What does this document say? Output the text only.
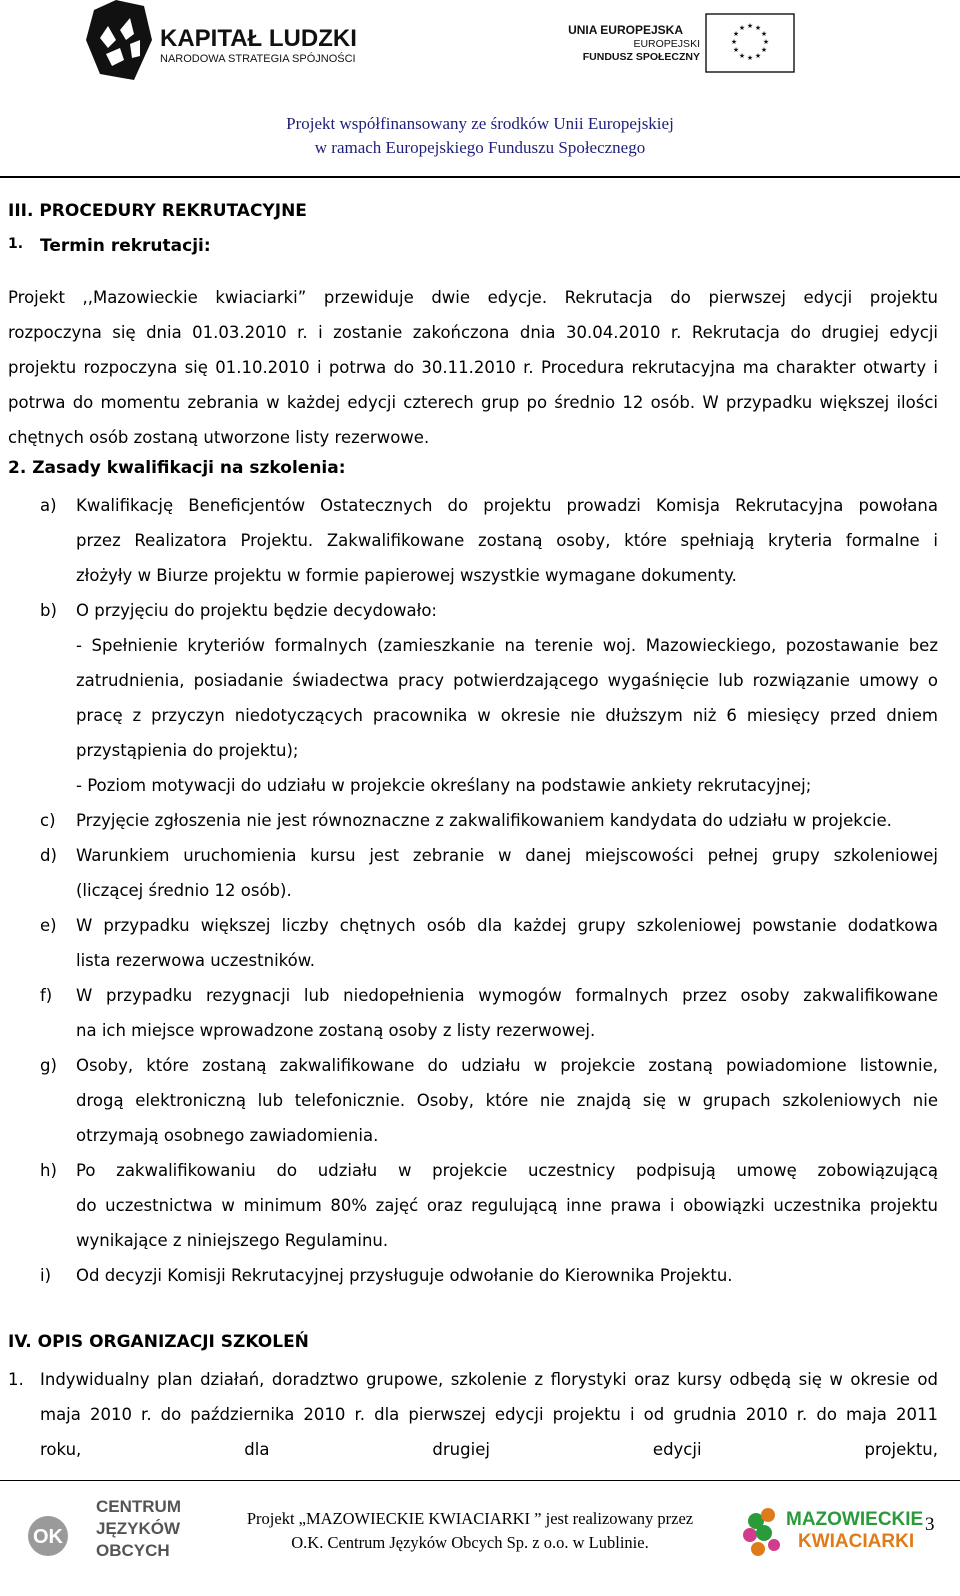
KAPITAŁ LUDZKI
NARODOWA STRATEGIA SPÓJNOŚCI
UNIA EUROPEJSKA
EUROPEJSKI
FUNDUSZ SPOŁECZNY
★ ★
★
★
★
★
★
★
★
★
★
★
Projekt współfinansowany ze środków Unii Europejskiej
w ramach Europejskiego Funduszu Społecznego
III. PROCEDURY REKRUTACYJNE
1. Termin rekrutacji:
Projekt ,,Mazowieckie kwiaciarki” przewiduje dwie edycje. Rekrutacja do pierwszej edycji projektu
rozpoczyna się dnia 01.03.2010 r. i zostanie zakończona dnia 30.04.2010 r. Rekrutacja do drugiej edycji
projektu rozpoczyna się 01.10.2010 i potrwa do 30.11.2010 r. Procedura rekrutacyjna ma charakter otwarty i
potrwa do momentu zebrania w każdej edycji czterech grup po średnio 12 osób. W przypadku większej ilości
chętnych osób zostaną utworzone listy rezerwowe.
2. Zasady kwalifikacji na szkolenia:
a)	Kwalifikację Beneficjentów Ostatecznych do projektu prowadzi Komisja Rekrutacyjna powołana
przez Realizatora Projektu. Zakwalifikowane zostaną osoby, które spełniają kryteria formalne i
złożyły w Biurze projektu w formie papierowej wszystkie wymagane dokumenty.
b)	O przyjęciu do projektu będzie decydowało:
- Spełnienie kryteriów formalnych (zamieszkanie na terenie woj. Mazowieckiego, pozostawanie bez
zatrudnienia, posiadanie świadectwa pracy potwierdzającego wygaśnięcie lub rozwiązanie umowy o
pracę z przyczyn niedotyczących pracownika w okresie nie dłuższym niż 6 miesięcy przed dniem
przystąpienia do projektu);
- Poziom motywacji do udziału w projekcie określany na podstawie ankiety rekrutacyjnej;
c)	Przyjęcie zgłoszenia nie jest równoznaczne z zakwalifikowaniem kandydata do udziału w projekcie.
d)	Warunkiem uruchomienia kursu jest zebranie w danej miejscowości pełnej grupy szkoleniowej
(liczącej średnio 12 osób).
e)	W przypadku większej liczby chętnych osób dla każdej grupy szkoleniowej powstanie dodatkowa
lista rezerwowa uczestników.
f)	W przypadku rezygnacji lub niedopełnienia wymogów formalnych przez osoby zakwalifikowane
na ich miejsce wprowadzone zostaną osoby z listy rezerwowej.
g)	Osoby, które zostaną zakwalifikowane do udziału w projekcie zostaną powiadomione listownie,
drogą elektroniczną lub telefonicznie. Osoby, które nie znajdą się w grupach szkoleniowych nie
otrzymają osobnego zawiadomienia.
h)	Po zakwalifikowaniu do udziału w projekcie uczestnicy podpisują umowę zobowiązującą
do uczestnictwa w minimum 80% zajęć oraz regulującą inne prawa i obowiązki uczestnika projektu
wynikające z niniejszego Regulaminu.
i)	Od decyzji Komisji Rekrutacyjnej przysługuje odwołanie do Kierownika Projektu.
IV. OPIS ORGANIZACJI SZKOLEŃ
1. Indywidualny plan działań, doradztwo grupowe, szkolenie z florystyki oraz kursy odbędą się w okresie od
maja 2010 r. do października 2010 r. dla pierwszej edycji projektu i od grudnia 2010 r. do maja 2011
roku, dla drugiej edycji projektu,
OK
CENTRUM
JĘZYKÓW
OBCYCH
Projekt „MAZOWIECKIE KWIACIARKI ” jest realizowany przez
O.K. Centrum Języków Obcych Sp. z o.o. w Lublinie.
MAZOWIECKIE
KWIACIARKI
3
